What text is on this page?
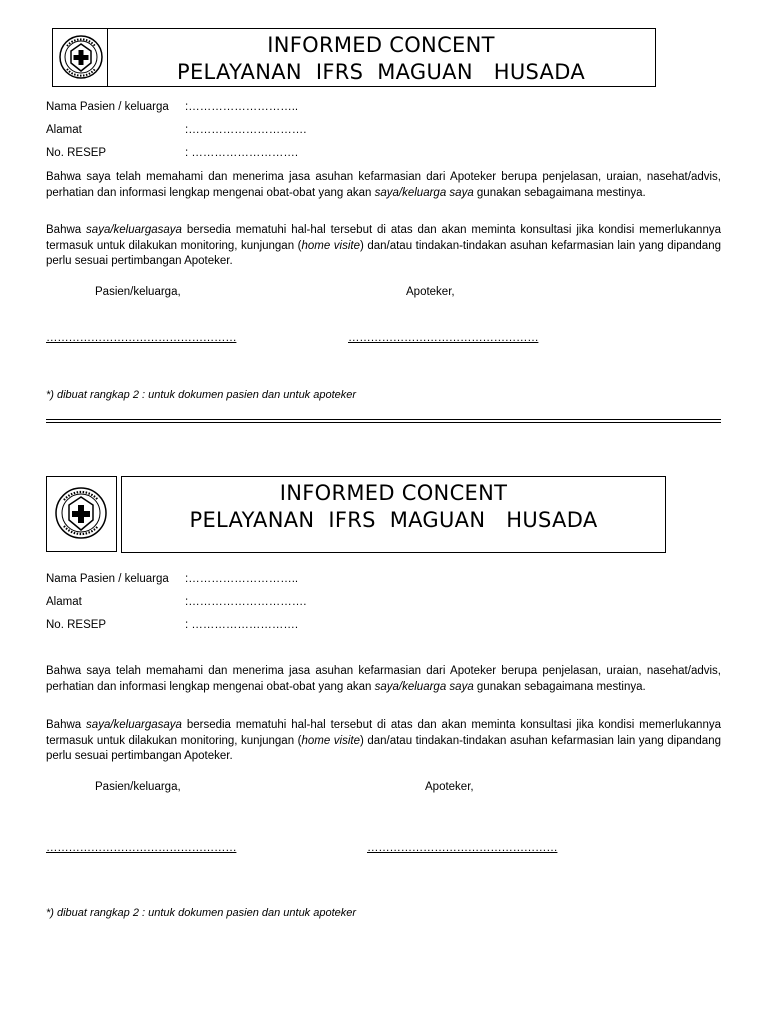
INFORMED CONCENT
PELAYANAN  IFRS  MAGUAN   HUSADA
Nama Pasien / keluarga :………………………..
Alamat	:………………………….
No. RESEP	: ……………………….
Bahwa saya telah memahami dan menerima jasa asuhan kefarmasian dari Apoteker berupa penjelasan, uraian, nasehat/advis, perhatian dan informasi lengkap mengenai obat-obat yang akan saya/keluarga saya gunakan sebagaimana mestinya.
Bahwa saya/keluargasaya bersedia mematuhi hal-hal tersebut di atas dan akan meminta konsultasi jika kondisi memerlukannya termasuk untuk dilakukan monitoring, kunjungan (home visite) dan/atau tindakan-tindakan asuhan kefarmasian lain yang dipandang perlu sesuai pertimbangan Apoteker.
Pasien/keluarga,	Apoteker,
……………………………………………	……………………………………………
*) dibuat rangkap 2 : untuk dokumen pasien dan untuk apoteker
INFORMED CONCENT
PELAYANAN  IFRS  MAGUAN   HUSADA
Nama Pasien / keluarga :………………………..
Alamat	:………………………….
No. RESEP	: ……………………….
Bahwa saya telah memahami dan menerima jasa asuhan kefarmasian dari Apoteker berupa penjelasan, uraian, nasehat/advis, perhatian dan informasi lengkap mengenai obat-obat yang akan saya/keluarga saya gunakan sebagaimana mestinya.
Bahwa saya/keluargasaya bersedia mematuhi hal-hal tersebut di atas dan akan meminta konsultasi jika kondisi memerlukannya termasuk untuk dilakukan monitoring, kunjungan (home visite) dan/atau tindakan-tindakan asuhan kefarmasian lain yang dipandang perlu sesuai pertimbangan Apoteker.
Pasien/keluarga,	Apoteker,
……………………………………………	……………………………………………
*) dibuat rangkap 2 : untuk dokumen pasien dan untuk apoteker
